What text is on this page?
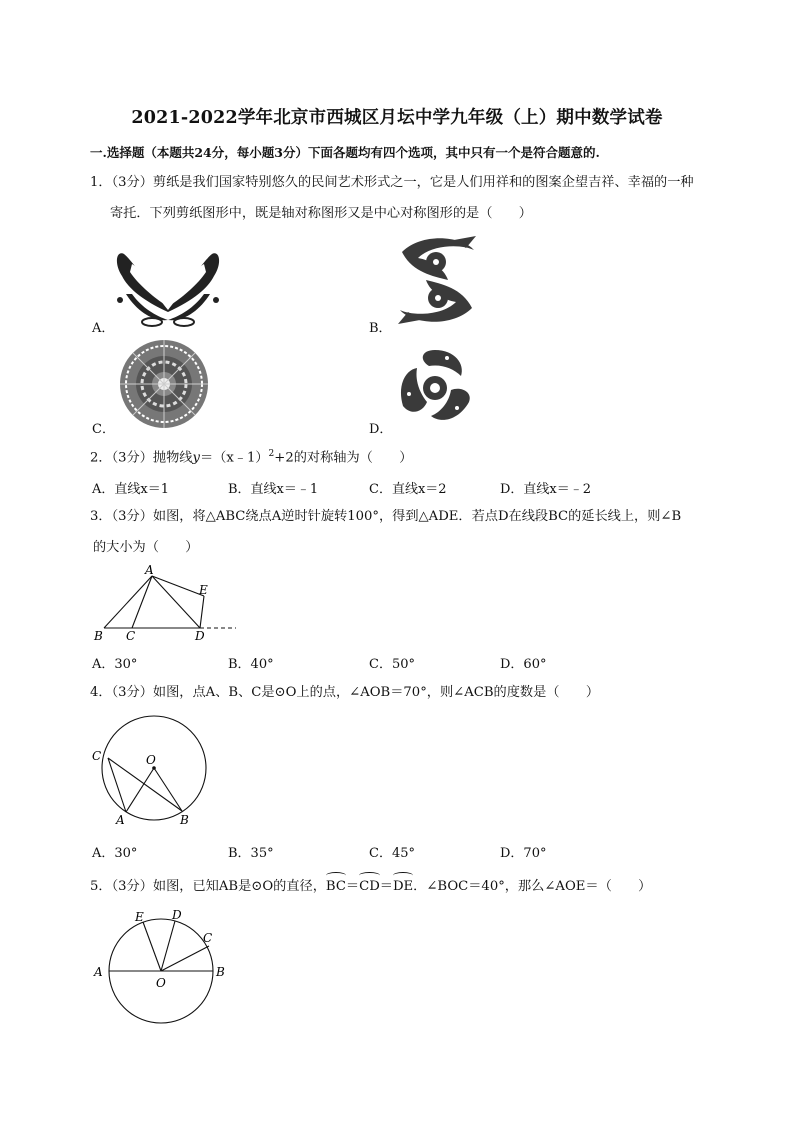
2021-2022学年北京市西城区月坛中学九年级（上）期中数学试卷
一.选择题（本题共24分，每小题3分）下面各题均有四个选项，其中只有一个是符合题意的.
1．（3分）剪纸是我们国家特别悠久的民间艺术形式之一，它是人们用祥和的图案企望吉祥、幸福的一种
寄托．下列剪纸图形中，既是轴对称图形又是中心对称图形的是（　　）
A．	B．
C．	D．
2．（3分）抛物线y＝（x﹣1）$^2$+2的对称轴为（　　）
A．直线x＝1	B．直线x＝﹣1	C．直线x＝2	D．直线x＝﹣2
3．（3分）如图，将△ABC绕点A逆时针旋转100°，得到△ADE．若点D在线段BC的延长线上，则∠B
的大小为（　　）
A
B C	D
E
A．30°	B．40°	C．50°	D．60°
4．（3分）如图，点A、B、C是⊙O上的点，∠AOB＝70°，则∠ACB的度数是（　　）
O
C
A	B
A．30°	B．35°	C．45°	D．70°
5．（3分）如图，已知AB是⊙O的直径，BC＝CD＝DE．∠BOC＝40°，那么∠AOE＝（　　）
A	B
C
D
E
O
